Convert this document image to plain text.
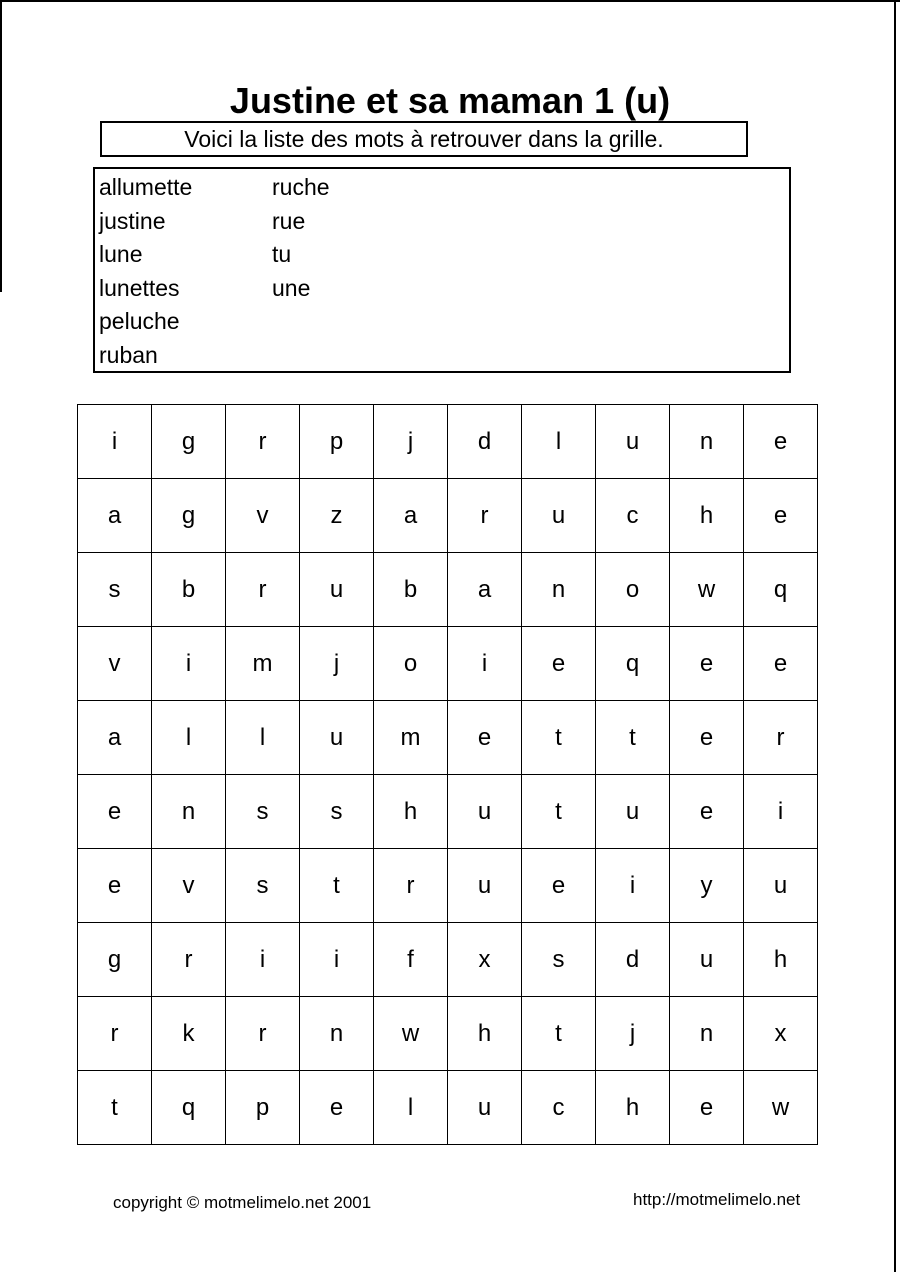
Justine et sa maman 1 (u)
Voici la liste des mots à retrouver dans la grille.
allumette
justine
lune
lunettes
peluche
ruban
ruche
rue
tu
une
i	g	r	p	j	d	l	u	n	e
a	g	v	z	a	r	u	c	h	e
s	b	r	u	b	a	n	o	w	q
v	i	m	j	o	i	e	q	e	e
a	l	l	u	m	e	t	t	e	r
e	n	s	s	h	u	t	u	e	i
e	v	s	t	r	u	e	i	y	u
g	r	i	i	f	x	s	d	u	h
r	k	r	n	w	h	t	j	n	x
t	q	p	e	l	u	c	h	e	w
copyright © motmelimelo.net 2001	http://motmelimelo.net
